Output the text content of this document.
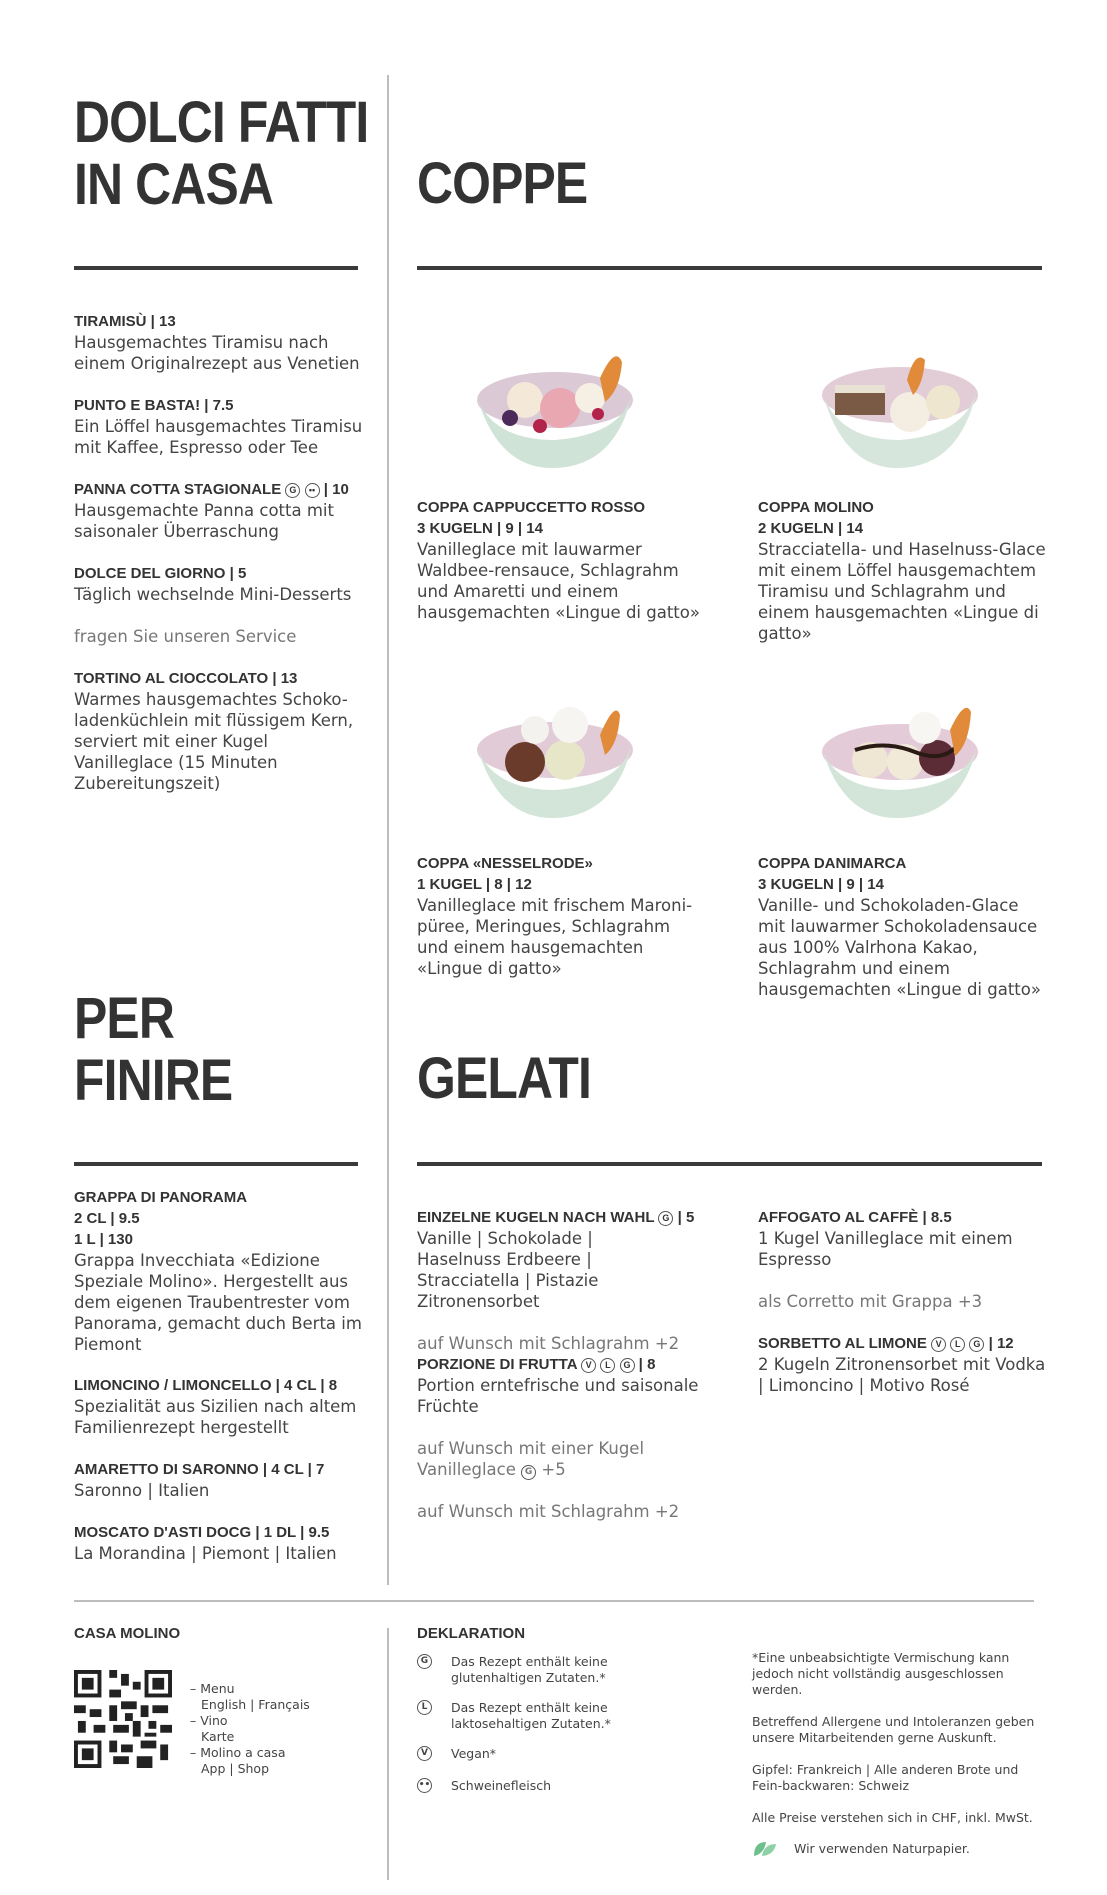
DOLCI FATTI
IN CASA
TIRAMISÙ | 13
Hausgemachtes Tiramisu nach einem Originalrezept aus Venetien
PUNTO E BASTA! | 7.5
Ein Löffel hausgemachtes Tiramisu mit Kaffee, Espresso oder Tee
PANNA COTTA STAGIONALE G •• | 10
Hausgemachte Panna cotta mit saisonaler Überraschung
DOLCE DEL GIORNO | 5
Täglich wechselnde Mini-Desserts
fragen Sie unseren Service
TORTINO AL CIOCCOLATO | 13
Warmes hausgemachtes Schoko-ladenküchlein mit flüssigem Kern, serviert mit einer Kugel Vanilleglace (15 Minuten Zubereitungszeit)
COPPE
COPPA CAPPUCCETTO ROSSO
3 KUGELN | 9 | 14
Vanilleglace mit lauwarmer Waldbee-rensauce, Schlagrahm und Amaretti und einem hausgemachten «Lingue di gatto»
COPPA MOLINO
2 KUGELN | 14
Stracciatella- und Haselnuss-Glace mit einem Löffel hausgemachtem Tiramisu und Schlagrahm und einem hausgemachten «Lingue di gatto»
COPPA «NESSELRODE»
1 KUGEL | 8 | 12
Vanilleglace mit frischem Maroni-püree, Meringues, Schlagrahm und einem hausgemachten «Lingue di gatto»
COPPA DANIMARCA
3 KUGELN | 9 | 14
Vanille- und Schokoladen-Glace mit lauwarmer Schokoladensauce aus 100% Valrhona Kakao, Schlagrahm und einem hausgemachten «Lingue di gatto»
PER
FINIRE
GRAPPA DI PANORAMA
2 CL | 9.5
1 L | 130
Grappa Invecchiata «Edizione Speziale Molino». Hergestellt aus dem eigenen Traubentrester vom Panorama, gemacht duch Berta im Piemont
LIMONCINO / LIMONCELLO | 4 CL | 8
Spezialität aus Sizilien nach altem Familienrezept hergestellt
AMARETTO DI SARONNO | 4 CL | 7
Saronno | Italien
MOSCATO D'ASTI DOCG | 1 DL | 9.5
La Morandina | Piemont | Italien
GELATI
EINZELNE KUGELN NACH WAHL G | 5
Vanille | Schokolade | Haselnuss Erdbeere | Stracciatella | Pistazie Zitronensorbet
auf Wunsch mit Schlagrahm +2
PORZIONE DI FRUTTA V L G | 8
Portion erntefrische und saisonale Früchte
auf Wunsch mit einer Kugel
Vanilleglace G +5
auf Wunsch mit Schlagrahm +2
AFFOGATO AL CAFFÈ | 8.5
1 Kugel Vanilleglace mit einem Espresso
als Corretto mit Grappa +3
SORBETTO AL LIMONE V L G | 12
2 Kugeln Zitronensorbet mit Vodka | Limoncino | Motivo Rosé
CASA MOLINO
– Menu
English | Français
– Vino
Karte
– Molino a casa
App | Shop
DEKLARATION
G	Das Rezept enthält keine glutenhaltigen Zutaten.*
L	Das Rezept enthält keine laktosehaltigen Zutaten.*
V	Vegan*
•• Schweinefleisch
*Eine unbeabsichtigte Vermischung kann jedoch nicht vollständig ausgeschlossen werden.
Betreffend Allergene und Intoleranzen geben unsere Mitarbeitenden gerne Auskunft.
Gipfel: Frankreich | Alle anderen Brote und Fein-backwaren: Schweiz
Alle Preise verstehen sich in CHF, inkl. MwSt.
Wir verwenden Naturpapier.
